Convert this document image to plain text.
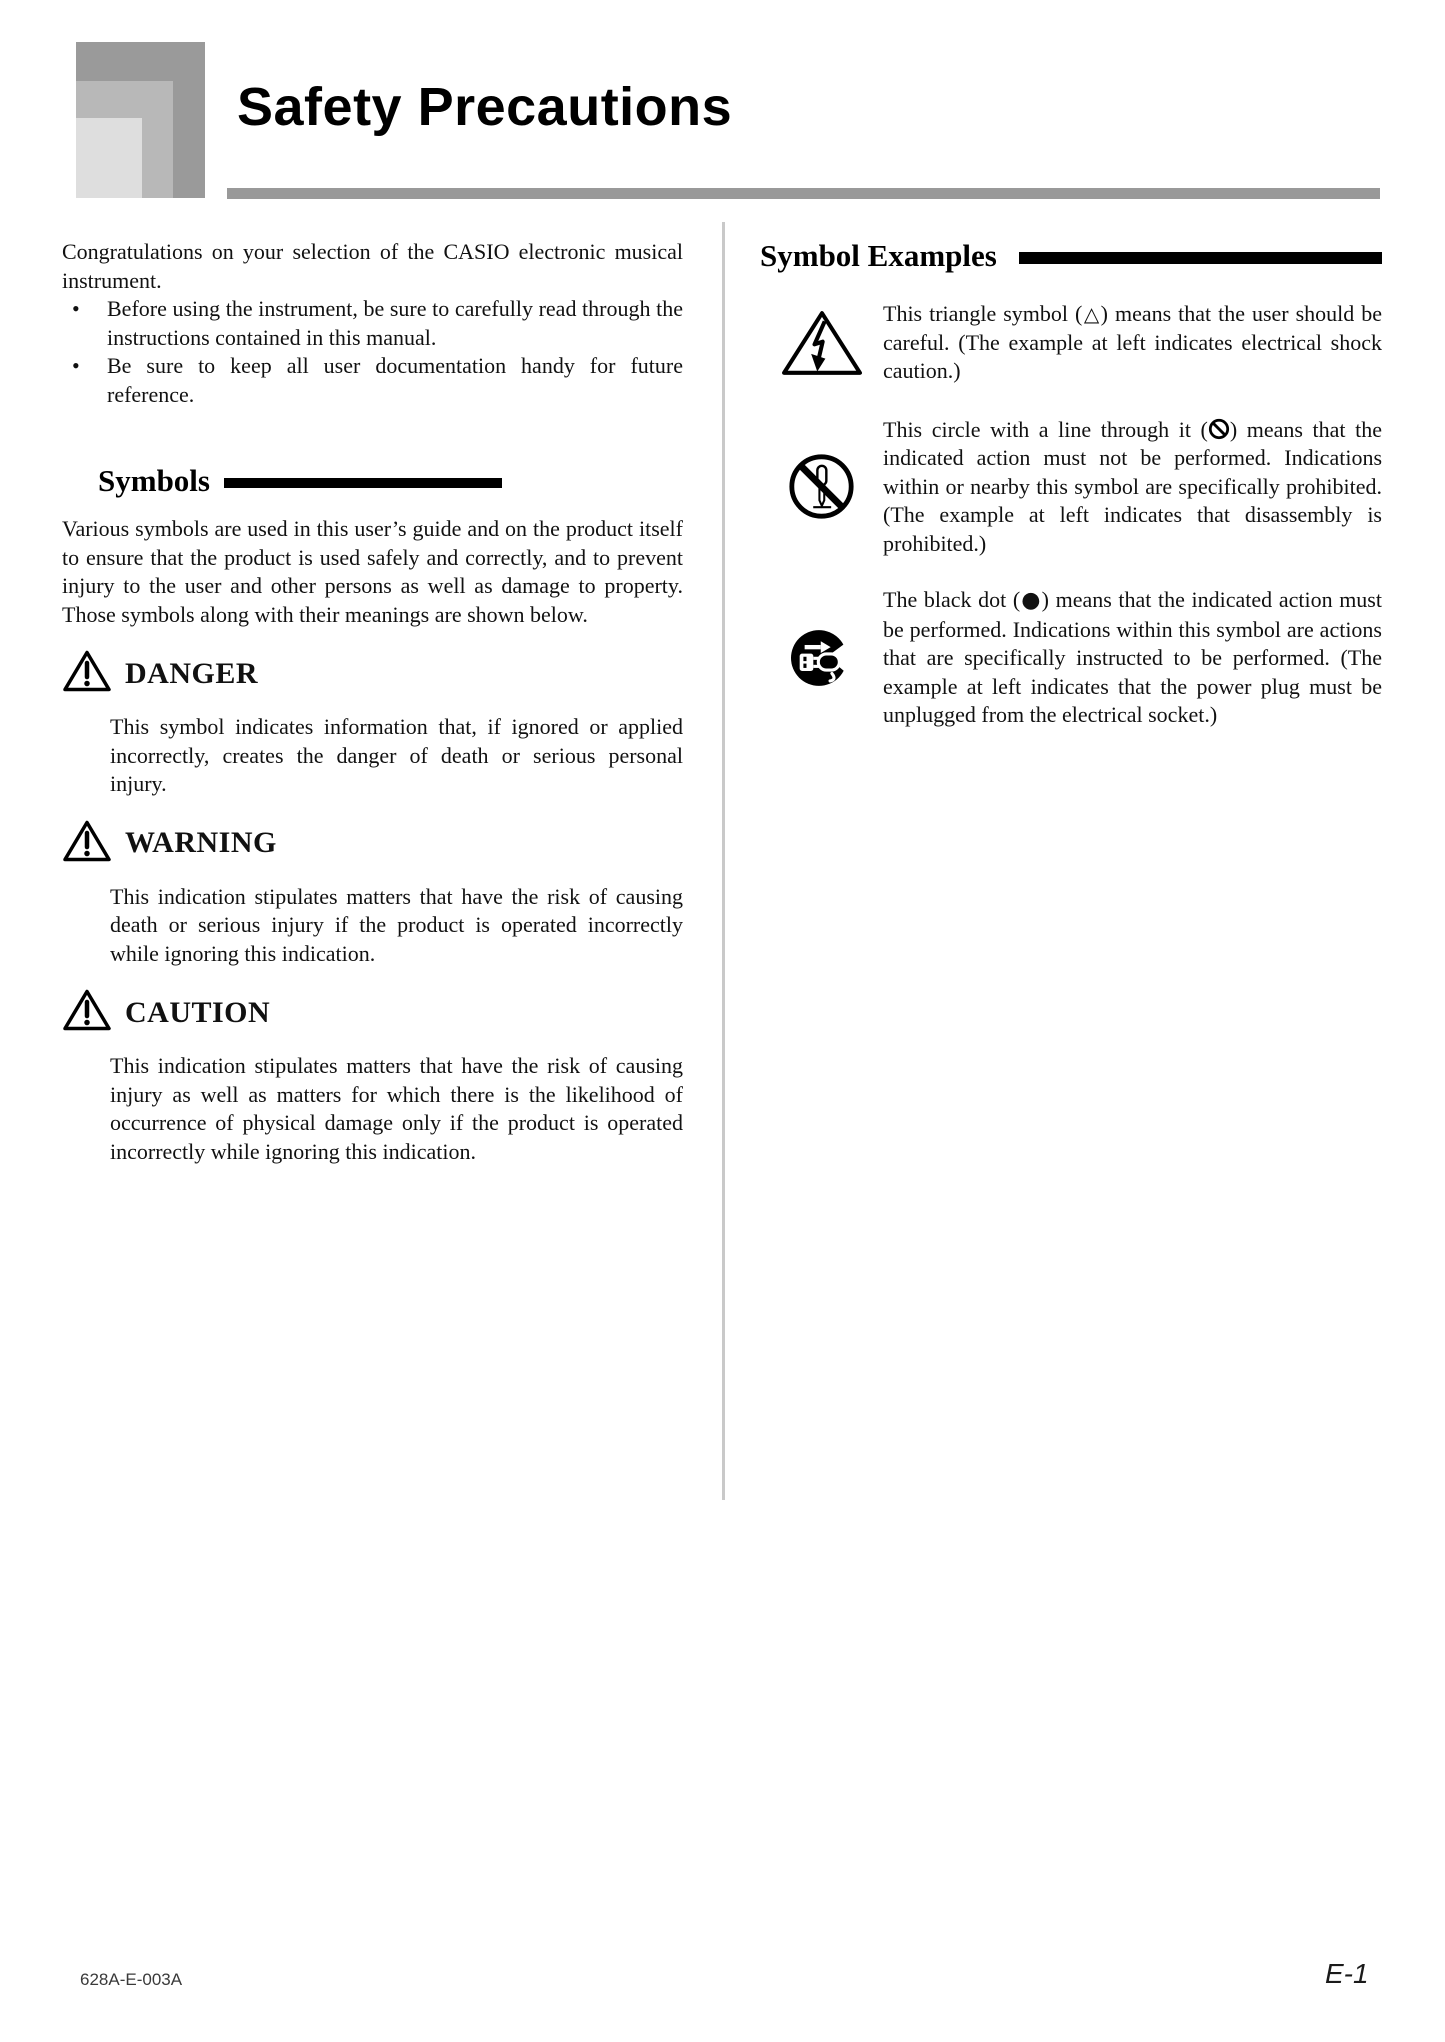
Safety Precautions

Congratulations on your selection of the CASIO electronic musical instrument.

• Before using the instrument, be sure to carefully read through the instructions contained in this manual.
• Be sure to keep all user documentation handy for future reference.
Symbols

Various symbols are used in this user’s guide and on the product itself to ensure that the product is used safely and correctly, and to prevent injury to the user and other persons as well as damage to property. Those symbols along with their meanings are shown below.

DANGER

This symbol indicates information that, if ignored or applied incorrectly, creates the danger of death or serious personal injury.

WARNING

This indication stipulates matters that have the risk of causing death or serious injury if the product is operated incorrectly while ignoring this indication.

CAUTION

This indication stipulates matters that have the risk of causing injury as well as matters for which there is the likelihood of occurrence of physical damage only if the product is operated incorrectly while ignoring this indication.

Symbol Examples

This triangle symbol (△) means that the user should be careful. (The example at left indicates electrical shock caution.)

This circle with a line through it ( ) means that the indicated action must not be performed. Indications within or nearby this symbol are specifically prohibited. (The example at left indicates that disassembly is prohibited.)

The black dot (●) means that the indicated action must be performed. Indications within this symbol are actions that are specifically instructed to be performed. (The example at left indicates that the power plug must be unplugged from the electrical socket.)

628A-E-003A	E-1
